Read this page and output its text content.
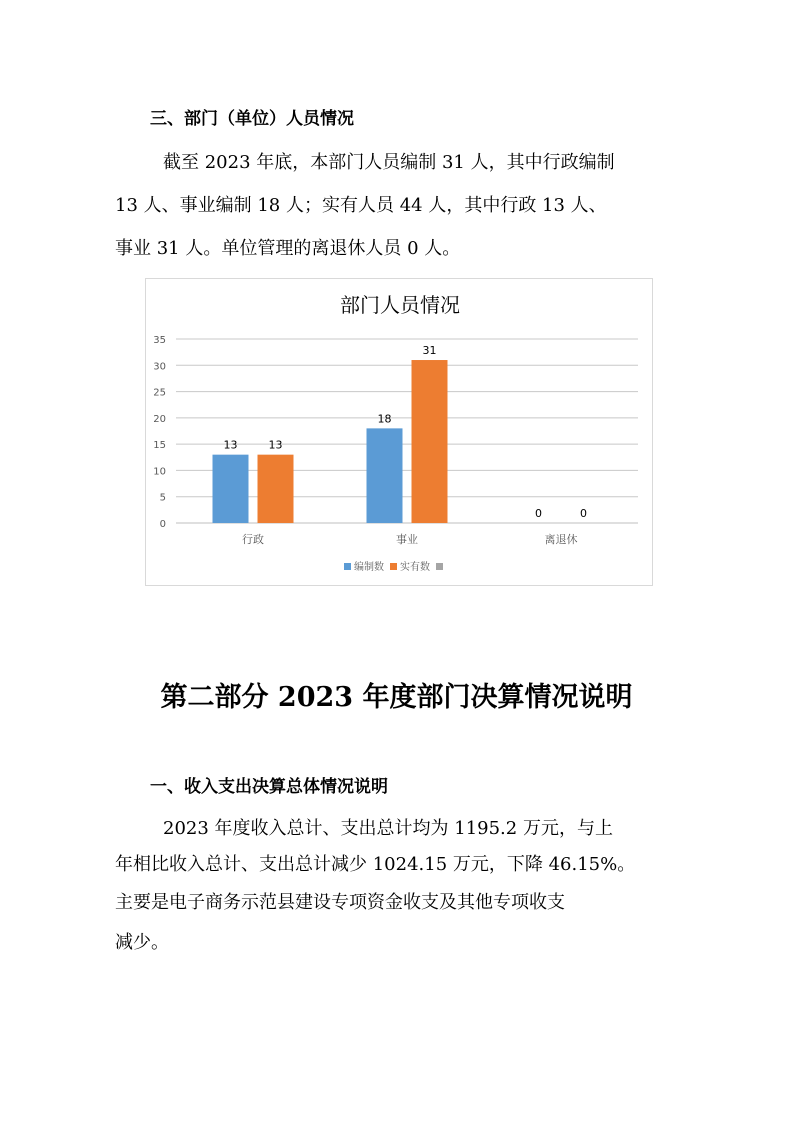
三、部门（单位）人员情况
截至 2023 年底，本部门人员编制 31 人，其中行政编制
13 人、事业编制 18 人；实有人员 44 人，其中行政 13 人、
事业 31 人。单位管理的离退休人员 0 人。
部门人员情况
0
5
10
15
20
25
30
35
13	13
行政
18
31
事业
0	0
离退休
编制数 实有数
第二部分 2023 年度部门决算情况说明
一、收入支出决算总体情况说明
2023 年度收入总计、支出总计均为 1195.2 万元，与上
年相比收入总计、支出总计减少 1024.15 万元，下降 46.15%。
主要是电子商务示范县建设专项资金收支及其他专项收支
减少。
